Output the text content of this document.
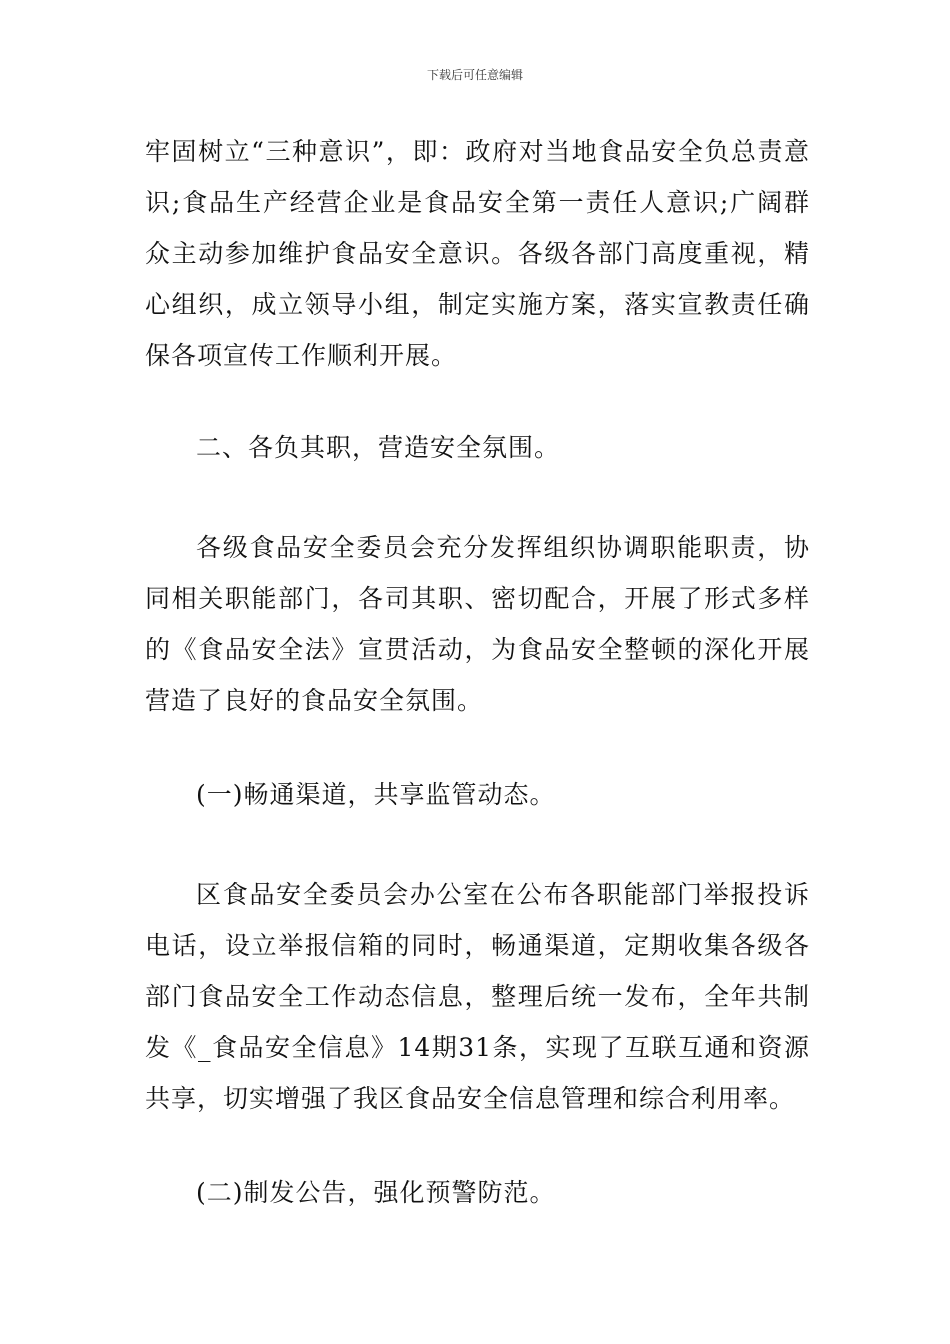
下载后可任意编辑

牢固树立“三种意识”，即：政府对当地食品安全负总责意识;食品生产经营企业是食品安全第一责任人意识;广阔群众主动参加维护食品安全意识。各级各部门高度重视，精心组织，成立领导小组，制定实施方案，落实宣教责任确保各项宣传工作顺利开展。

二、各负其职，营造安全氛围。

各级食品安全委员会充分发挥组织协调职能职责，协同相关职能部门，各司其职、密切配合，开展了形式多样的《食品安全法》宣贯活动，为食品安全整顿的深化开展营造了良好的食品安全氛围。

(一)畅通渠道，共享监管动态。

区食品安全委员会办公室在公布各职能部门举报投诉电话，设立举报信箱的同时，畅通渠道，定期收集各级各部门食品安全工作动态信息，整理后统一发布，全年共制发《_食品安全信息》14期31条，实现了互联互通和资源共享，切实增强了我区食品安全信息管理和综合利用率。

(二)制发公告，强化预警防范。
